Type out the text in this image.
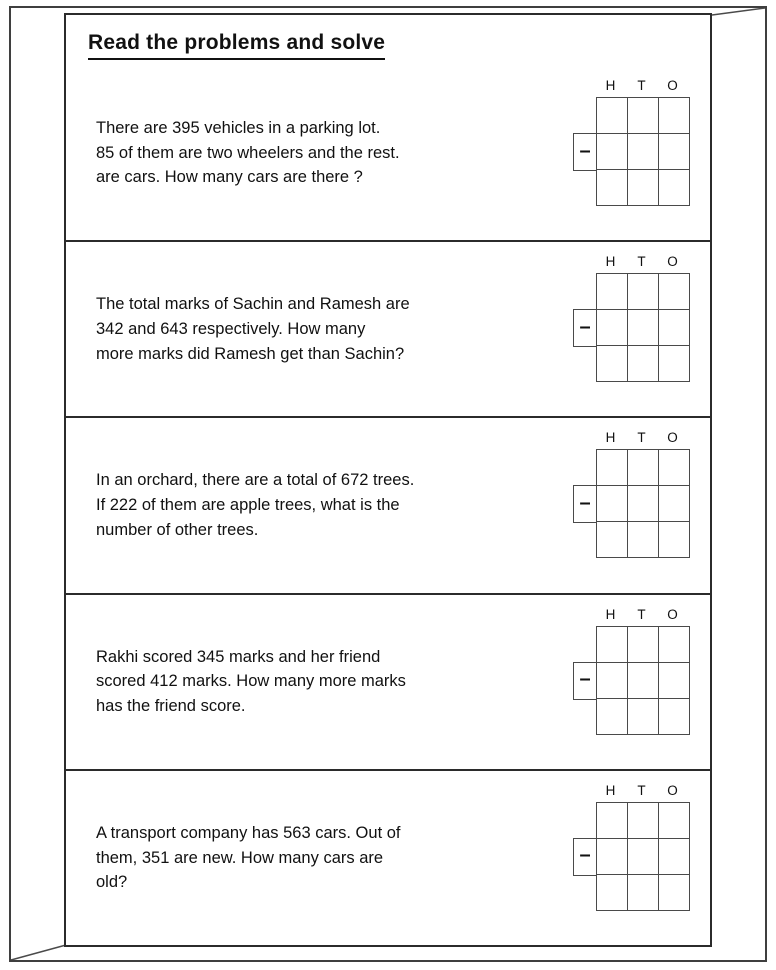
Read the problems and solve
There are 395 vehicles in a parking lot.
85 of them are two wheelers and the rest.
are cars. How many cars are there ?
H T O
–
The total marks of Sachin and Ramesh are
342 and 643 respectively. How many
more marks did Ramesh get than Sachin?
H T O
–
In an orchard, there are a total of 672 trees.
If 222 of them are apple trees, what is the
number of other trees.
H T O
–
Rakhi scored 345 marks and her friend
scored 412 marks. How many more marks
has the friend score.
H T O
–
A transport company has 563 cars. Out of
them, 351 are new. How many cars are
old?
H T O
–
